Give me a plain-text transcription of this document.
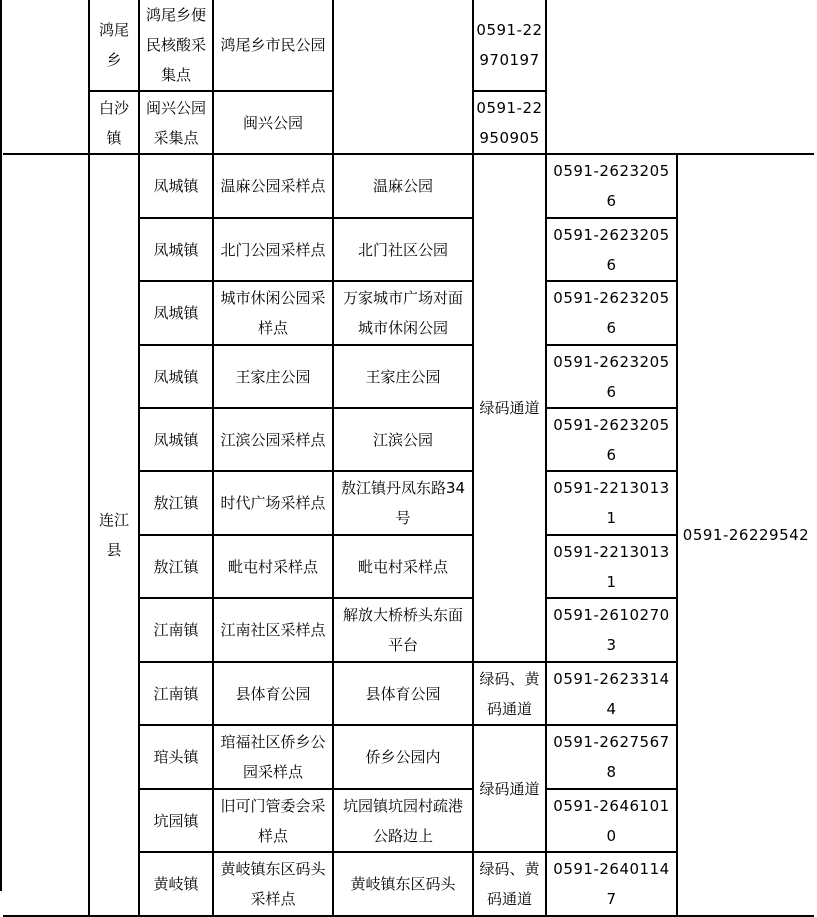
	鸿尾乡	鸿尾乡便民核酸采集点	鸿尾乡市民公园		0591-22970197		
	白沙镇	闽兴公园采集点	闽兴公园		0591-22950905		
	连江县	凤城镇	温麻公园采样点	温麻公园	绿码通道	0591-26232056	0591-26229542
		凤城镇	北门公园采样点	北门社区公园		0591-26232056	
		凤城镇	城市休闲公园采样点	万家城市广场对面城市休闲公园		0591-26232056	
		凤城镇	王家庄公园	王家庄公园		0591-26232056	
		凤城镇	江滨公园采样点	江滨公园		0591-26232056	
		敖江镇	时代广场采样点	敖江镇丹凤东路34号		0591-22130131	
		敖江镇	毗屯村采样点	毗屯村采样点		0591-22130131	
		江南镇	江南社区采样点	解放大桥桥头东面平台		0591-26102703	
		江南镇	县体育公园	县体育公园	绿码、黄码通道	0591-26233144	
		琯头镇	琯福社区侨乡公园采样点	侨乡公园内	绿码通道	0591-26275678	
		坑园镇	旧可门管委会采样点	坑园镇坑园村疏港公路边上		0591-26461010	
		黄岐镇	黄岐镇东区码头采样点	黄岐镇东区码头	绿码、黄码通道	0591-26401147	
